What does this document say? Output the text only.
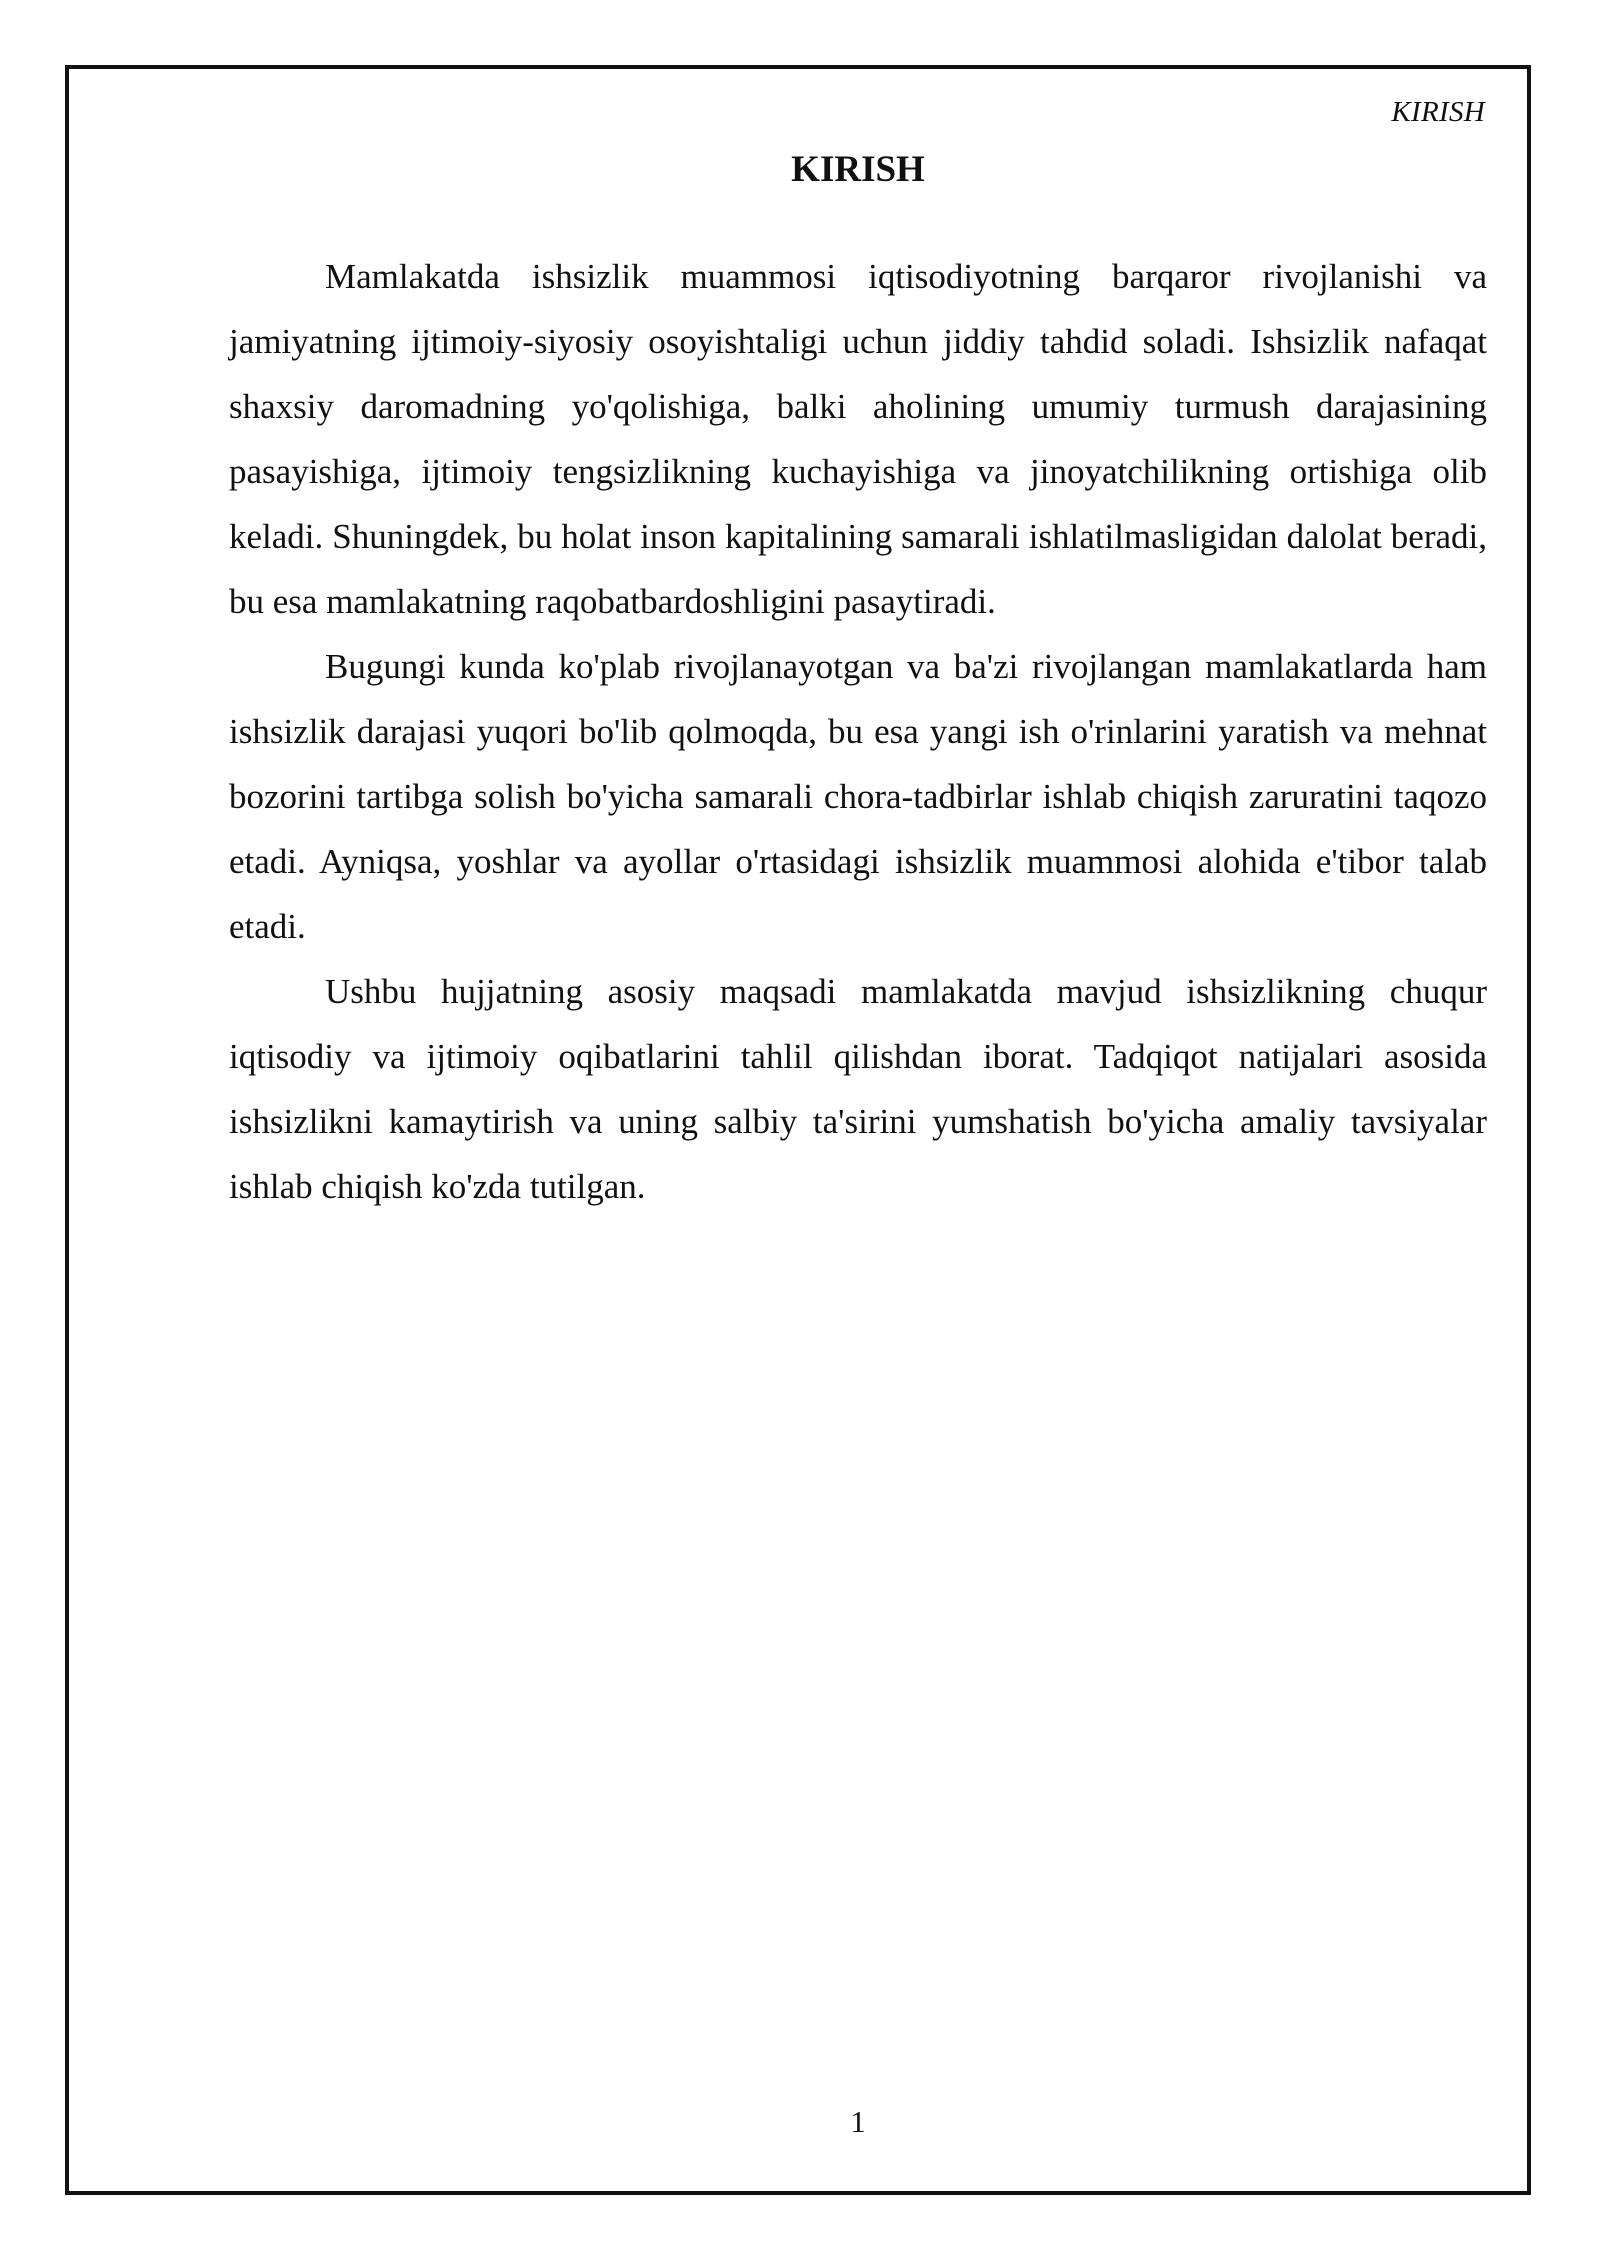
KIRISH
KIRISH

Mamlakatda ishsizlik muammosi iqtisodiyotning barqaror rivojlanishi va jamiyatning ijtimoiy-siyosiy osoyishtaligi uchun jiddiy tahdid soladi. Ishsizlik nafaqat shaxsiy daromadning yo'qolishiga, balki aholining umumiy turmush darajasining pasayishiga, ijtimoiy tengsizlikning kuchayishiga va jinoyatchilikning ortishiga olib keladi. Shuningdek, bu holat inson kapitalining samarali ishlatilmasligidan dalolat beradi, bu esa mamlakatning raqobatbardoshligini pasaytiradi.

Bugungi kunda ko'plab rivojlanayotgan va ba'zi rivojlangan mamlakatlarda ham ishsizlik darajasi yuqori bo'lib qolmoqda, bu esa yangi ish o'rinlarini yaratish va mehnat bozorini tartibga solish bo'yicha samarali chora-tadbirlar ishlab chiqish zaruratini taqozo etadi. Ayniqsa, yoshlar va ayollar o'rtasidagi ishsizlik muammosi alohida e'tibor talab etadi.

Ushbu hujjatning asosiy maqsadi mamlakatda mavjud ishsizlikning chuqur iqtisodiy va ijtimoiy oqibatlarini tahlil qilishdan iborat. Tadqiqot natijalari asosida ishsizlikni kamaytirish va uning salbiy ta'sirini yumshatish bo'yicha amaliy tavsiyalar ishlab chiqish ko'zda tutilgan.

1
